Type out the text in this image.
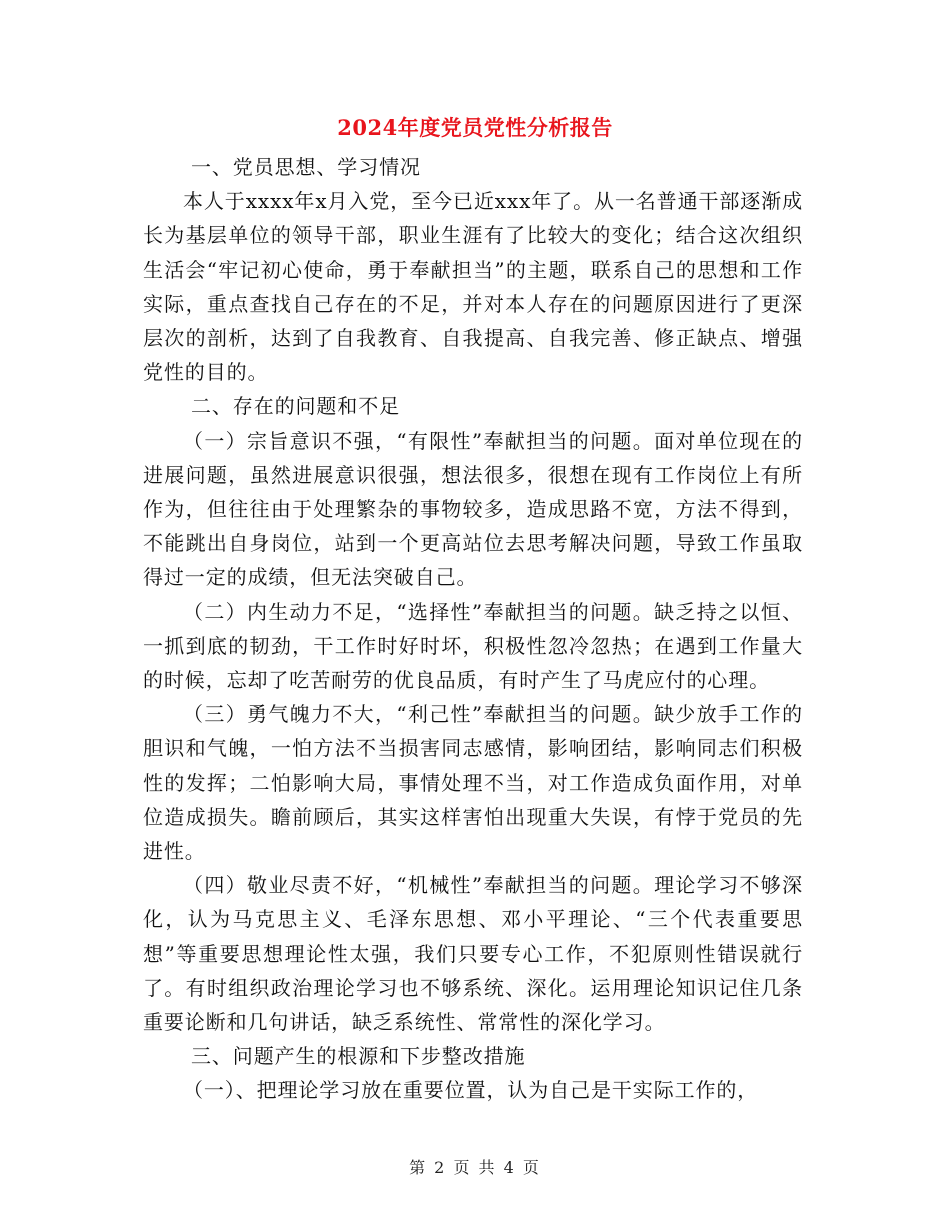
2024年度党员党性分析报告

一、党员思想、学习情况

本人于xxxx年x月入党，至今已近xxx年了。从一名普通干部逐渐成长为基层单位的领导干部，职业生涯有了比较大的变化；结合这次组织生活会“牢记初心使命，勇于奉献担当”的主题，联系自己的思想和工作实际，重点查找自己存在的不足，并对本人存在的问题原因进行了更深层次的剖析，达到了自我教育、自我提高、自我完善、修正缺点、增强党性的目的。

二、存在的问题和不足

（一）宗旨意识不强，“有限性”奉献担当的问题。面对单位现在的进展问题，虽然进展意识很强，想法很多，很想在现有工作岗位上有所作为，但往往由于处理繁杂的事物较多，造成思路不宽，方法不得到，不能跳出自身岗位，站到一个更高站位去思考解决问题，导致工作虽取得过一定的成绩，但无法突破自己。

（二）内生动力不足，“选择性”奉献担当的问题。缺乏持之以恒、一抓到底的韧劲，干工作时好时坏，积极性忽冷忽热；在遇到工作量大的时候，忘却了吃苦耐劳的优良品质，有时产生了马虎应付的心理。

（三）勇气魄力不大，“利己性”奉献担当的问题。缺少放手工作的胆识和气魄，一怕方法不当损害同志感情，影响团结，影响同志们积极性的发挥；二怕影响大局，事情处理不当，对工作造成负面作用，对单位造成损失。瞻前顾后，其实这样害怕出现重大失误，有悖于党员的先进性。

（四）敬业尽责不好，“机械性”奉献担当的问题。理论学习不够深化，认为马克思主义、毛泽东思想、邓小平理论、“三个代表重要思想”等重要思想理论性太强，我们只要专心工作，不犯原则性错误就行了。有时组织政治理论学习也不够系统、深化。运用理论知识记住几条重要论断和几句讲话，缺乏系统性、常常性的深化学习。

三、问题产生的根源和下步整改措施

（一）、把理论学习放在重要位置，认为自己是干实际工作的，

第 2 页 共 4 页
